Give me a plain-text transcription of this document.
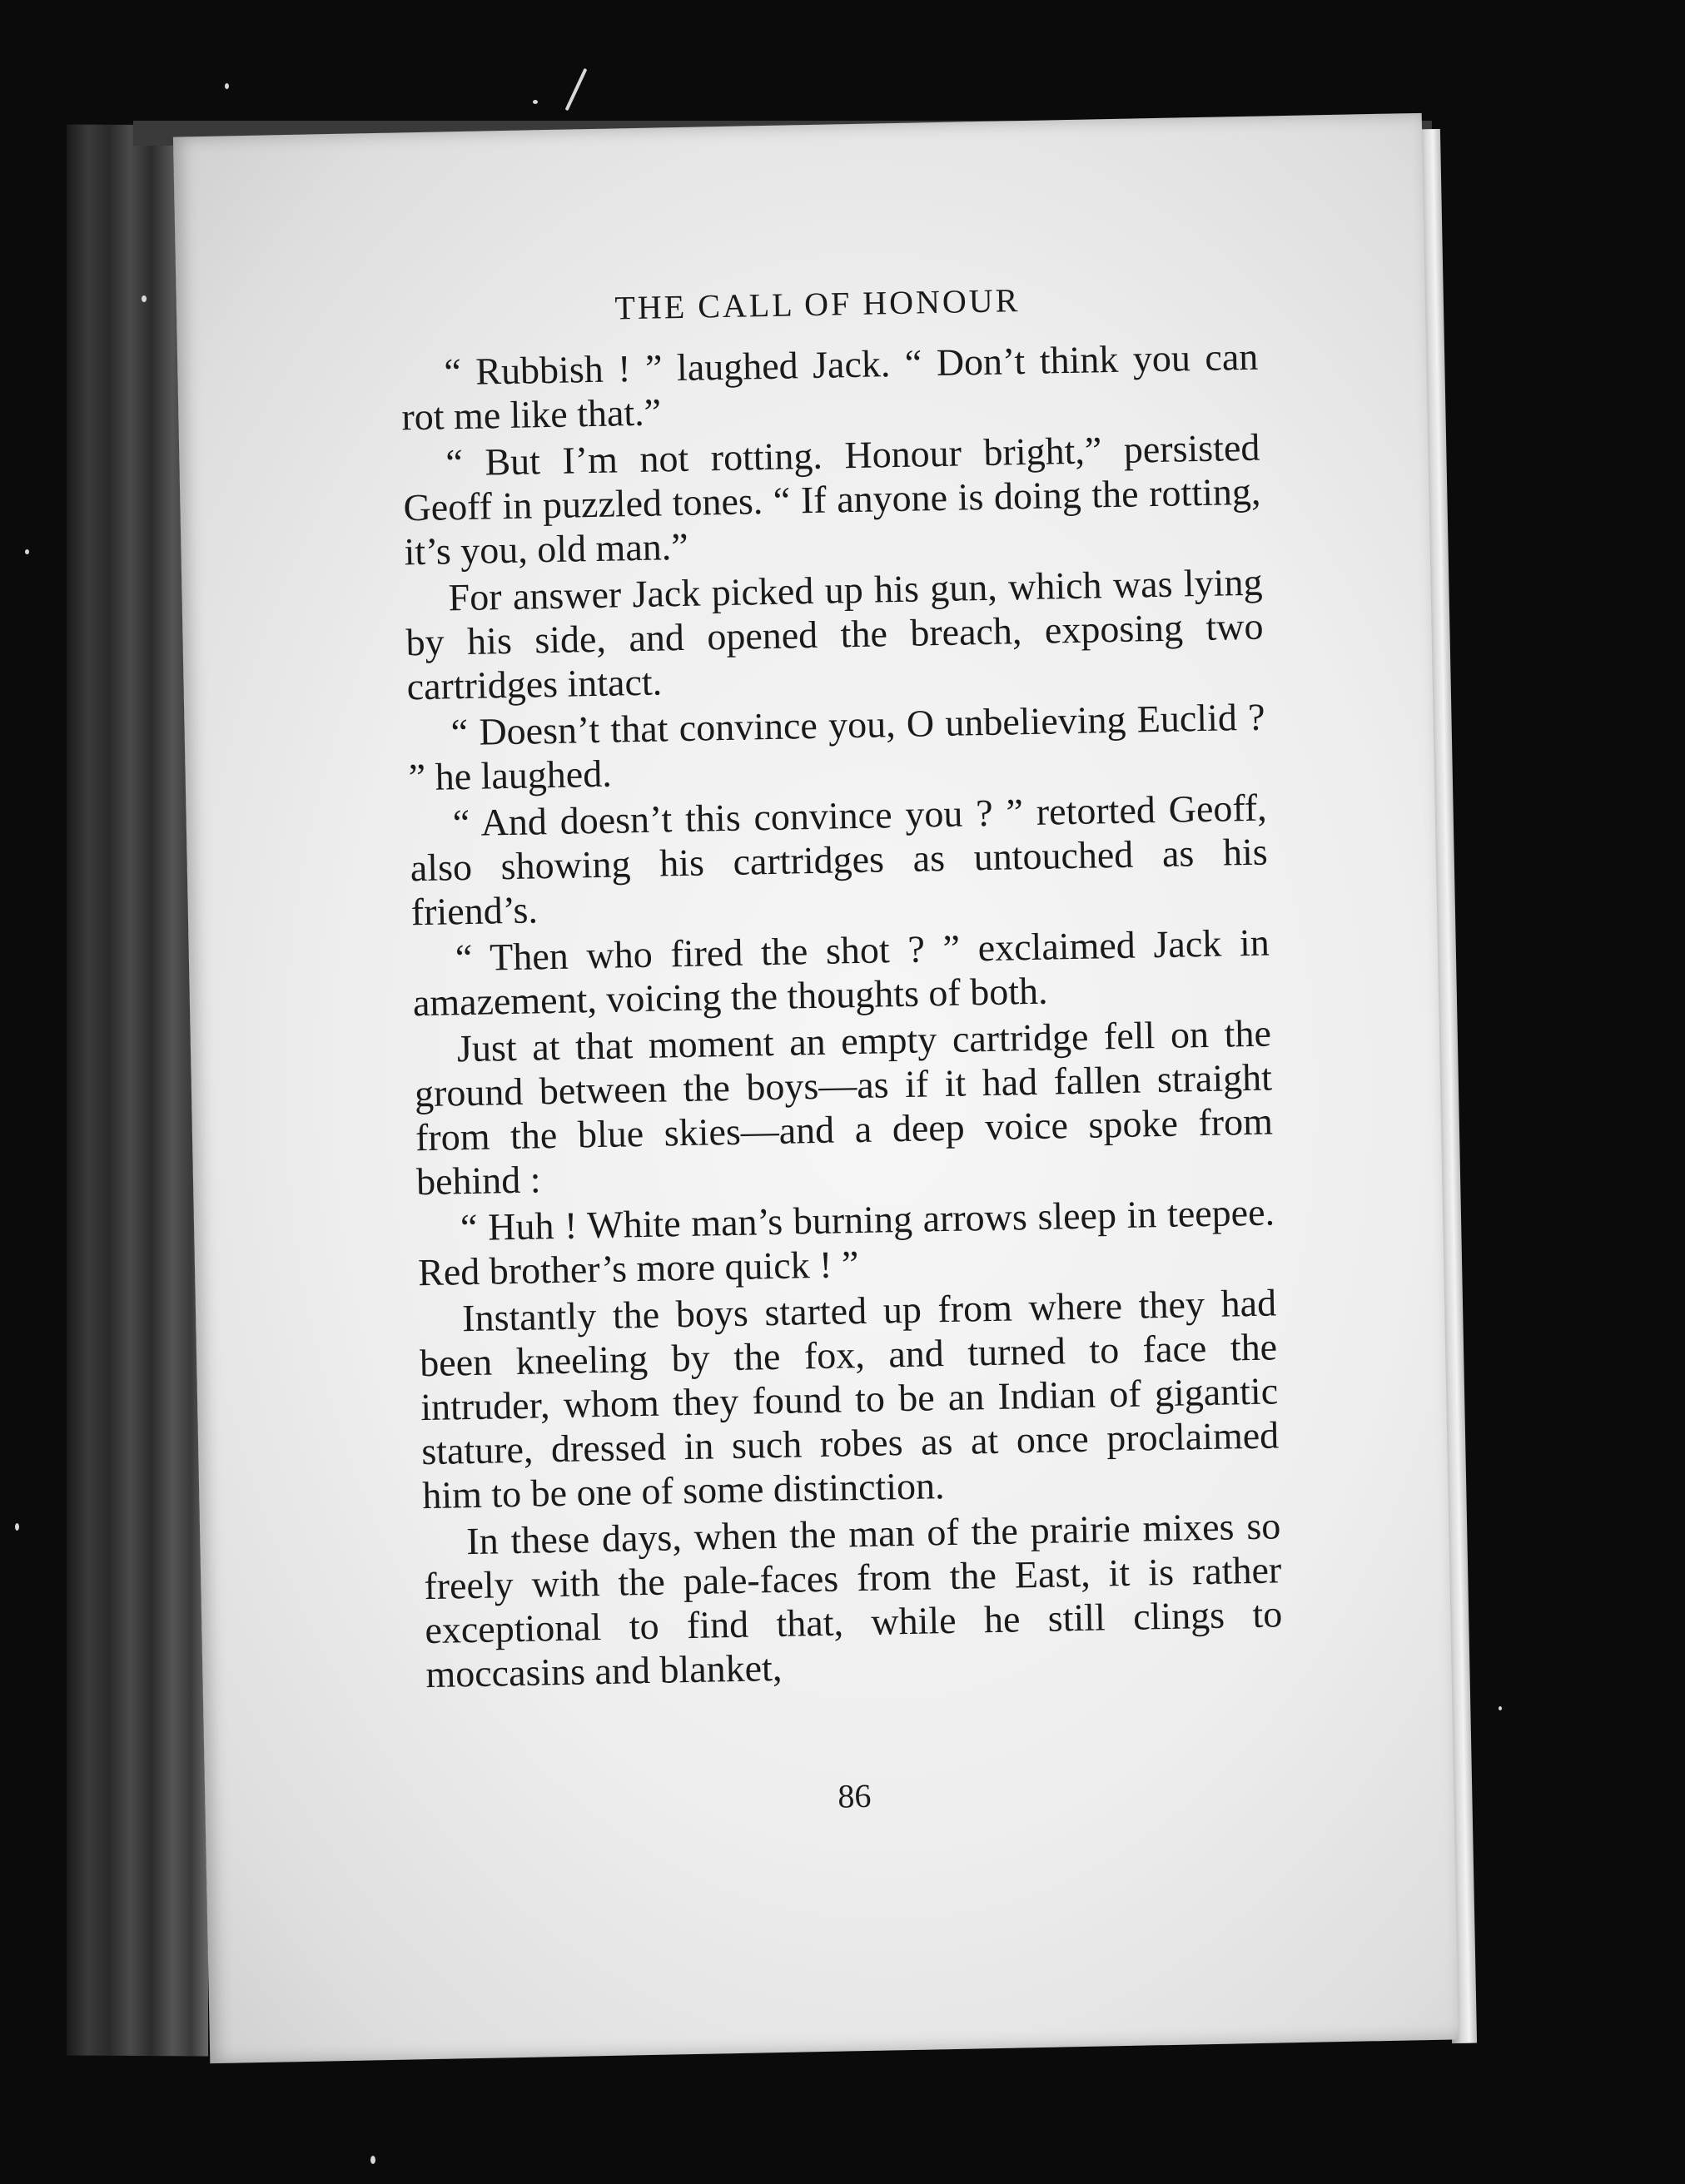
THE CALL OF HONOUR

“ Rubbish ! ” laughed Jack. “ Don’t think you can rot me like that.”

“ But I’m not rotting. Honour bright,” persisted Geoff in puzzled tones. “ If anyone is doing the rotting, it’s you, old man.”

For answer Jack picked up his gun, which was lying by his side, and opened the breach, exposing two cartridges intact.

“ Doesn’t that convince you, O unbelieving Euclid ? ” he laughed.

“ And doesn’t this convince you ? ” retorted Geoff, also showing his cartridges as untouched as his friend’s.

“ Then who fired the shot ? ” exclaimed Jack in amazement, voicing the thoughts of both.

Just at that moment an empty cartridge fell on the ground between the boys—as if it had fallen straight from the blue skies—and a deep voice spoke from behind :

“ Huh ! White man’s burning arrows sleep in teepee. Red brother’s more quick ! ”

Instantly the boys started up from where they had been kneeling by the fox, and turned to face the intruder, whom they found to be an Indian of gigantic stature, dressed in such robes as at once proclaimed him to be one of some distinction.

In these days, when the man of the prairie mixes so freely with the pale-faces from the East, it is rather exceptional to find that, while he still clings to moccasins and blanket,

86
